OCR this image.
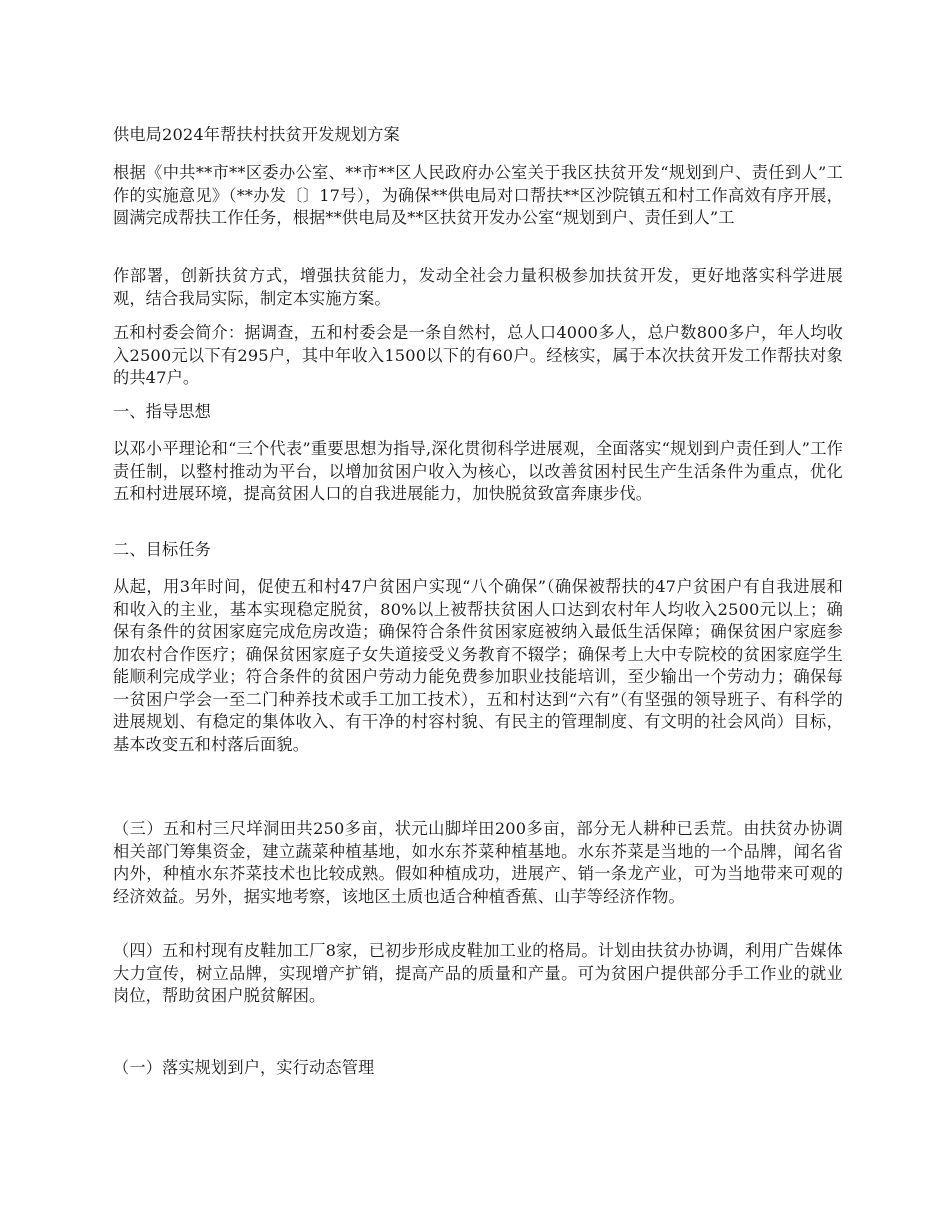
供电局2024年帮扶村扶贫开发规划方案

根据《中共**市**区委办公室、**市**区人民政府办公室关于我区扶贫开发“规划到户、责任到人”工作的实施意见》（**办发〔〕17号），为确保**供电局对口帮扶**区沙院镇五和村工作高效有序开展，圆满完成帮扶工作任务，根据**供电局及**区扶贫开发办公室“规划到户、责任到人”工

作部署，创新扶贫方式，增强扶贫能力，发动全社会力量积极参加扶贫开发，更好地落实科学进展观，结合我局实际，制定本实施方案。

五和村委会简介：据调查，五和村委会是一条自然村，总人口4000多人，总户数800多户，年人均收入2500元以下有295户，其中年收入1500以下的有60户。经核实，属于本次扶贫开发工作帮扶对象的共47户。

一、指导思想

以邓小平理论和“三个代表”重要思想为指导,深化贯彻科学进展观，全面落实“规划到户责任到人”工作责任制，以整村推动为平台，以增加贫困户收入为核心，以改善贫困村民生产生活条件为重点，优化五和村进展环境，提高贫困人口的自我进展能力，加快脱贫致富奔康步伐。

二、目标任务

从起，用3年时间，促使五和村47户贫困户实现“八个确保”（确保被帮扶的47户贫困户有自我进展和和收入的主业，基本实现稳定脱贫，80%以上被帮扶贫困人口达到农村年人均收入2500元以上；确保有条件的贫困家庭完成危房改造；确保符合条件贫困家庭被纳入最低生活保障；确保贫困户家庭参加农村合作医疗；确保贫困家庭子女失道接受义务教育不辍学；确保考上大中专院校的贫困家庭学生能顺利完成学业；符合条件的贫困户劳动力能免费参加职业技能培训，至少输出一个劳动力；确保每一贫困户学会一至二门种养技术或手工加工技术），五和村达到“六有”（有坚强的领导班子、有科学的进展规划、有稳定的集体收入、有干净的村容村貌、有民主的管理制度、有文明的社会风尚）目标，基本改变五和村落后面貌。

（三）五和村三尺垟洞田共250多亩，状元山脚垟田200多亩，部分无人耕种已丢荒。由扶贫办协调相关部门筹集资金，建立蔬菜种植基地，如水东芥菜种植基地。水东芥菜是当地的一个品牌，闻名省内外，种植水东芥菜技术也比较成熟。假如种植成功，进展产、销一条龙产业，可为当地带来可观的经济效益。另外，据实地考察，该地区土质也适合种植香蕉、山芋等经济作物。

（四）五和村现有皮鞋加工厂8家，已初步形成皮鞋加工业的格局。计划由扶贫办协调，利用广告媒体大力宣传，树立品牌，实现增产扩销，提高产品的质量和产量。可为贫困户提供部分手工作业的就业岗位，帮助贫困户脱贫解困。

（一）落实规划到户，实行动态管理
